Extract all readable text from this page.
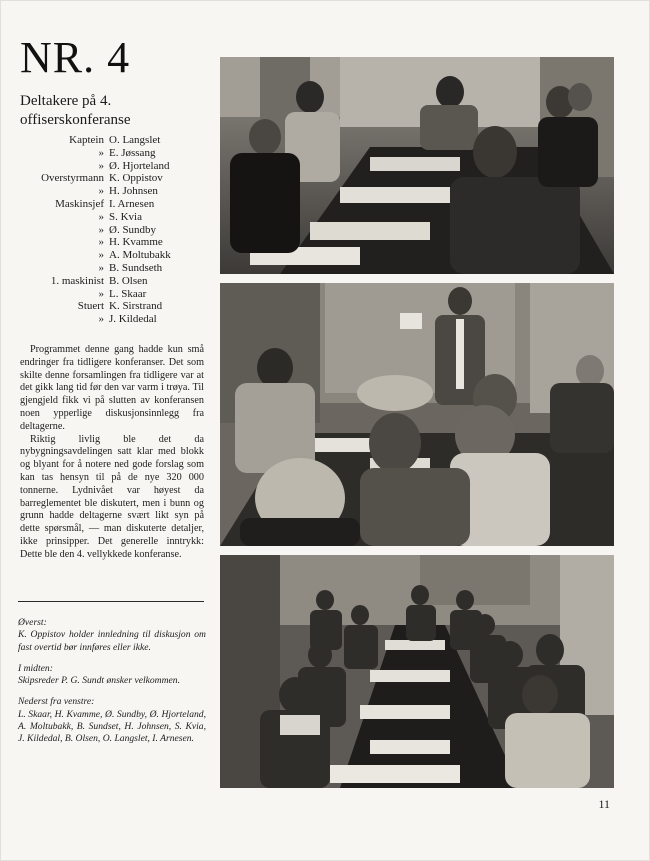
NR. 4
Deltakere på 4. offiserskonferanse
Kaptein O. Langslet
» E. Jøssang
» Ø. Hjorteland
Overstyrmann K. Oppistov
» H. Johnsen
Maskinsjef I. Arnesen
» S. Kvia
» Ø. Sundby
» H. Kvamme
» A. Moltubakk
» B. Sundseth
1. maskinist B. Olsen
» L. Skaar
Stuert K. Sirstrand
» J. Kildedal

Programmet denne gang hadde kun små endringer fra tidligere konferanser. Det som skilte denne forsamlingen fra tidligere var at det gikk lang tid før den var varm i trøya. Til gjengjeld fikk vi på slutten av konferansen noen ypperlige diskusjonsinnlegg fra deltagerne.

Riktig livlig ble det da nybygningsavdelingen satt klar med blokk og blyant for å notere ned gode forslag som kan tas hensyn til på de nye 320 000 tonnerne. Lydnivået var høyest da barreglementet ble diskutert, men i bunn og grunn hadde deltagerne svært likt syn på dette spørsmål, — man diskuterte detaljer, ikke prinsipper. Det generelle inntrykk: Dette ble den 4. vellykkede konferanse.

Øverst:
K. Oppistov holder innledning til diskusjon om fast overtid bør innføres eller ikke.
I midten:
Skipsreder P. G. Sundt ønsker velkommen.
Nederst fra venstre:
L. Skaar, H. Kvamme, Ø. Sundby, Ø. Hjorteland, A. Moltubakk, B. Sundset, H. Johnsen, S. Kvia, J. Kildedal, B. Olsen, O. Langslet, I. Arnesen.
11
